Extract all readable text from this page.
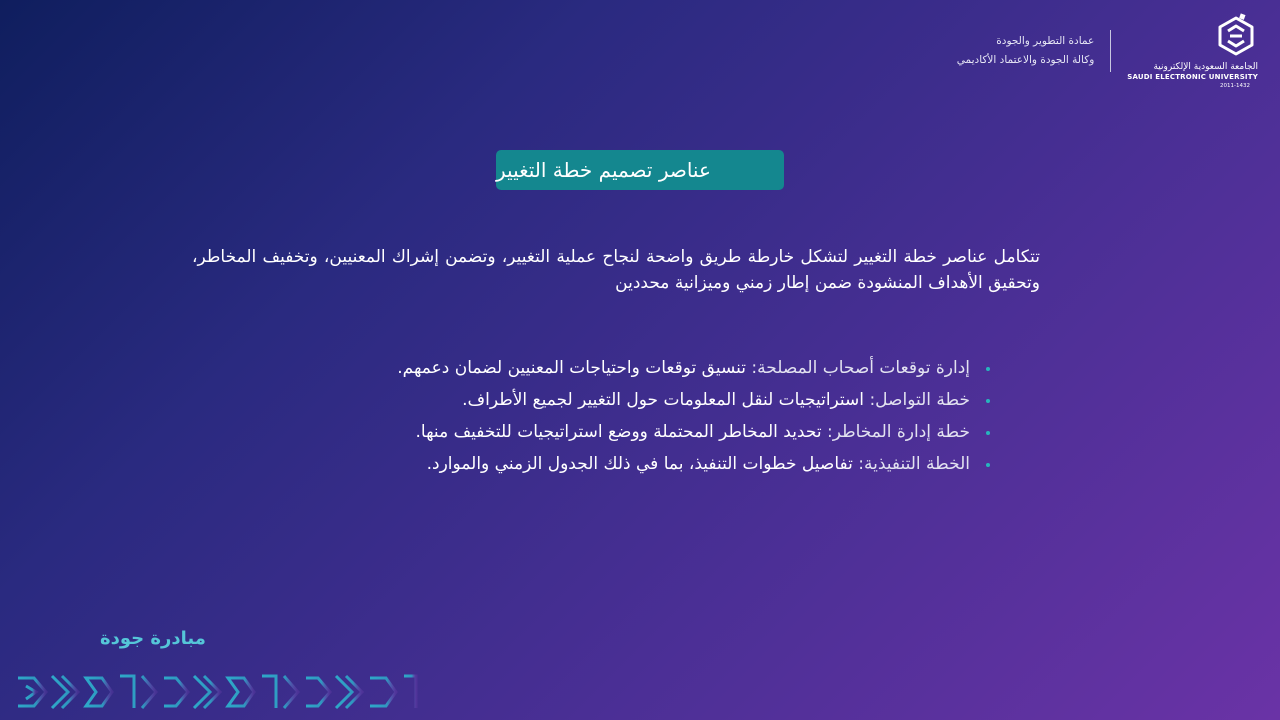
عمادة التطوير والجودة
وكالة الجودة والاعتماد الأكاديمي
الجامعة السعودية الإلكترونية
SAUDI ELECTRONIC UNIVERSITY
2011-1432
عناصر تصميم خطة التغيير
تتكامل عناصر خطة التغيير لتشكل خارطة طريق واضحة لنجاح عملية التغيير، وتضمن إشراك المعنيين، وتخفيف المخاطر، وتحقيق الأهداف المنشودة ضمن إطار زمني وميزانية محددين
إدارة توقعات أصحاب المصلحة: تنسيق توقعات واحتياجات المعنيين لضمان دعمهم.
خطة التواصل: استراتيجيات لنقل المعلومات حول التغيير لجميع الأطراف.
خطة إدارة المخاطر: تحديد المخاطر المحتملة ووضع استراتيجيات للتخفيف منها.
الخطة التنفيذية: تفاصيل خطوات التنفيذ، بما في ذلك الجدول الزمني والموارد.
مبادرة جودة
